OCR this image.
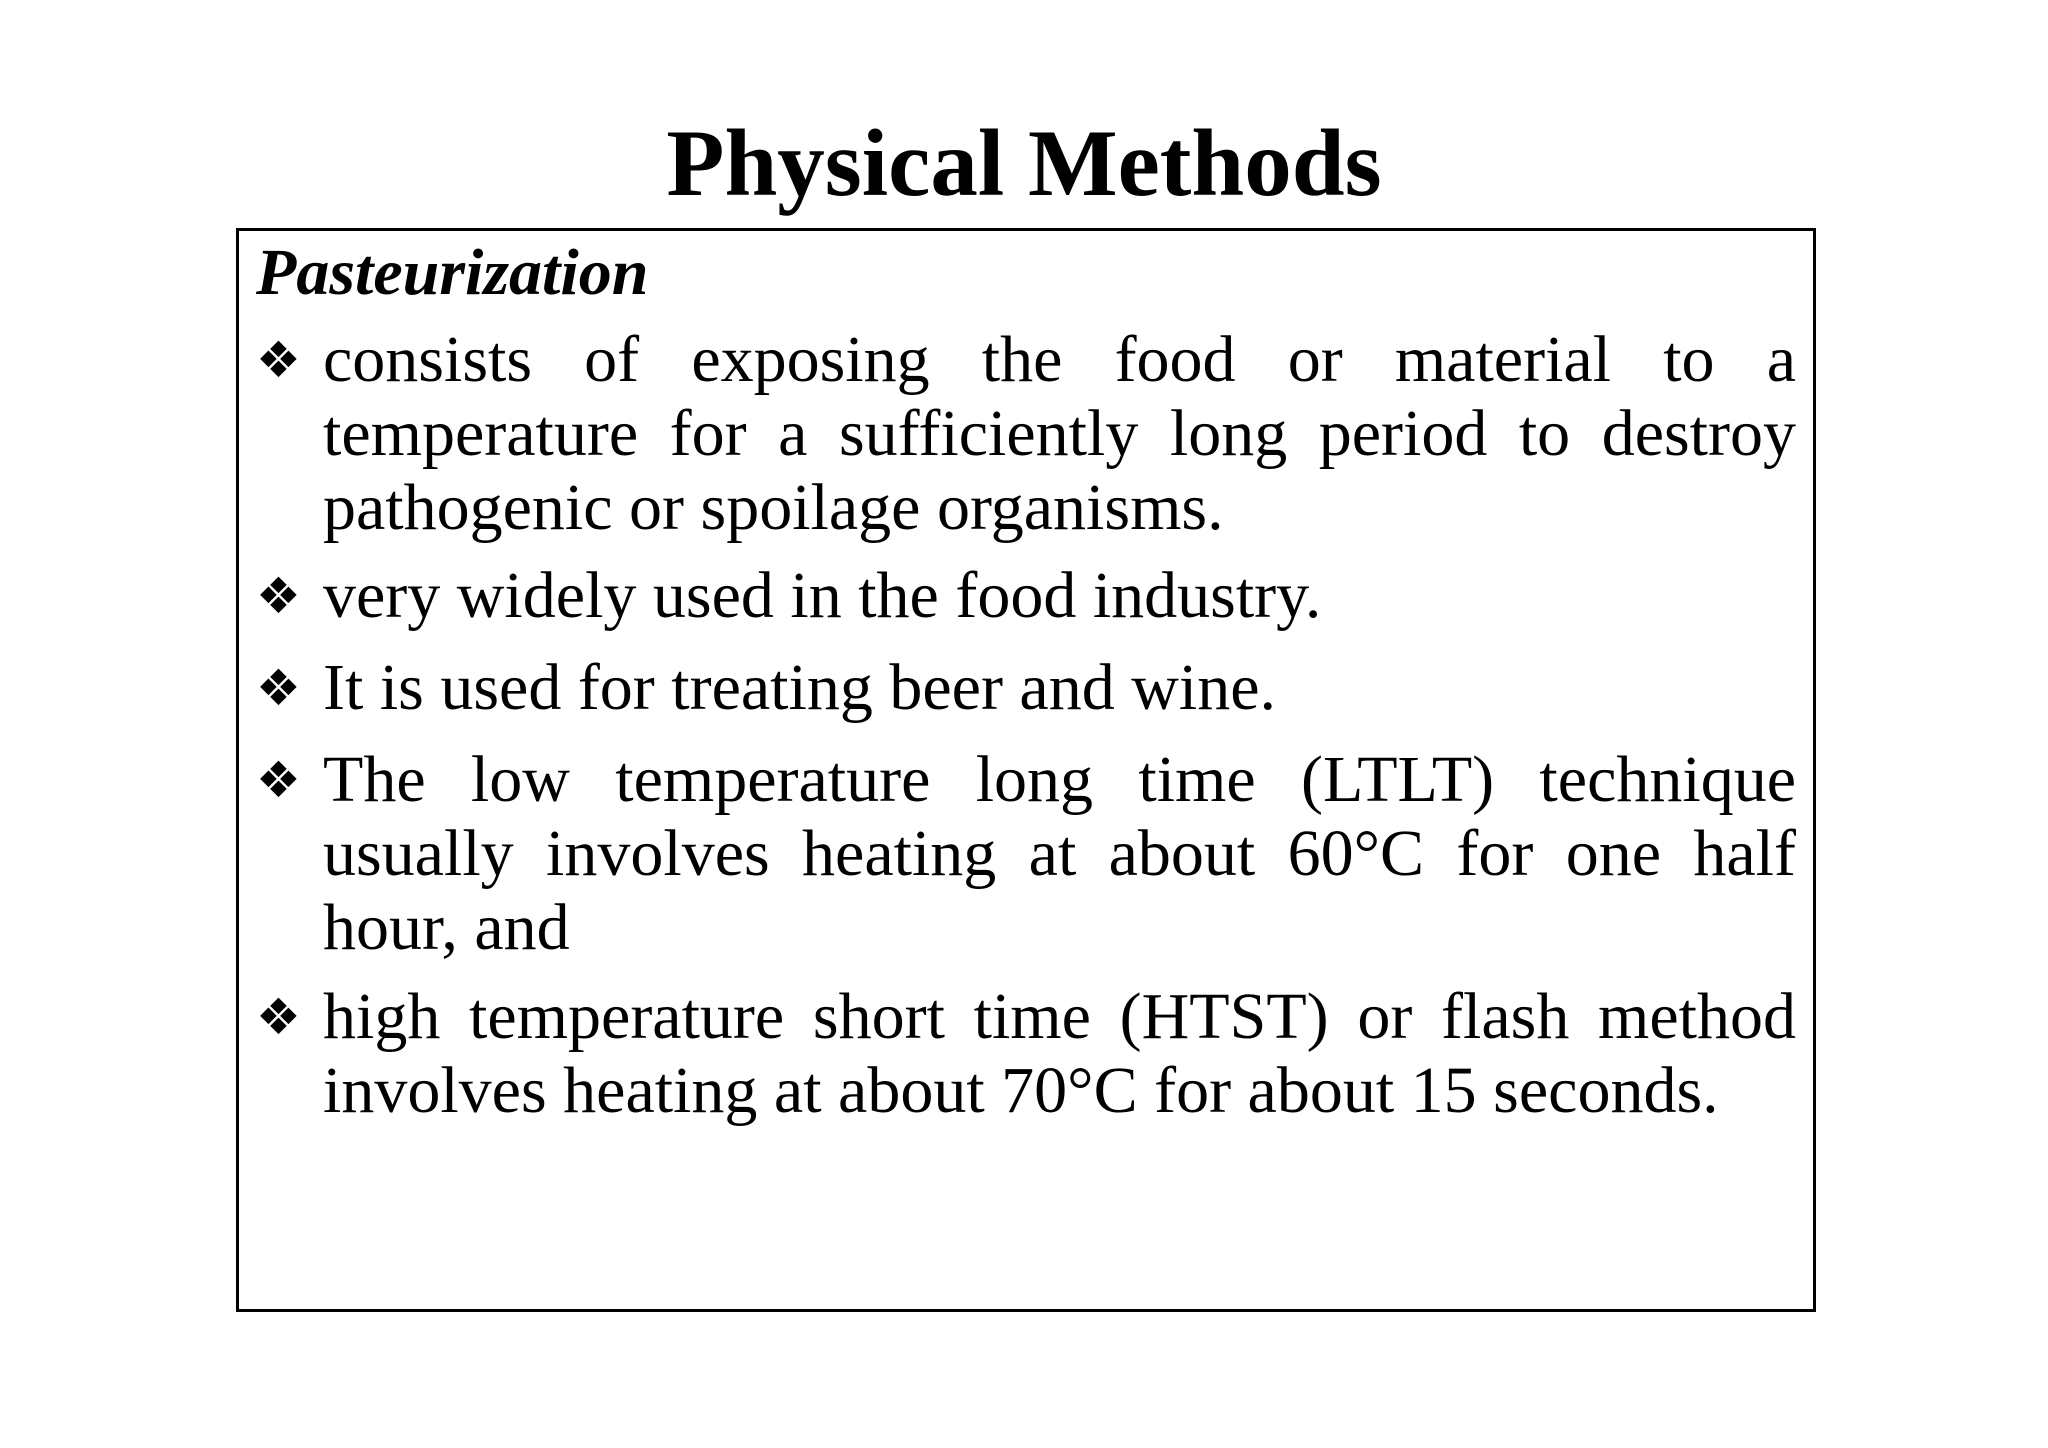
Physical Methods
Pasteurization
❖ consists of exposing the food or material to a temperature for a sufficiently long period to destroy pathogenic or spoilage organisms.
❖ very widely used in the food industry.
❖ It is used for treating beer and wine.
❖ The low temperature long time (LTLT) technique usually involves heating at about 60°C for one half hour, and
❖ high temperature short time (HTST) or flash method involves heating at about 70°C for about 15 seconds.
